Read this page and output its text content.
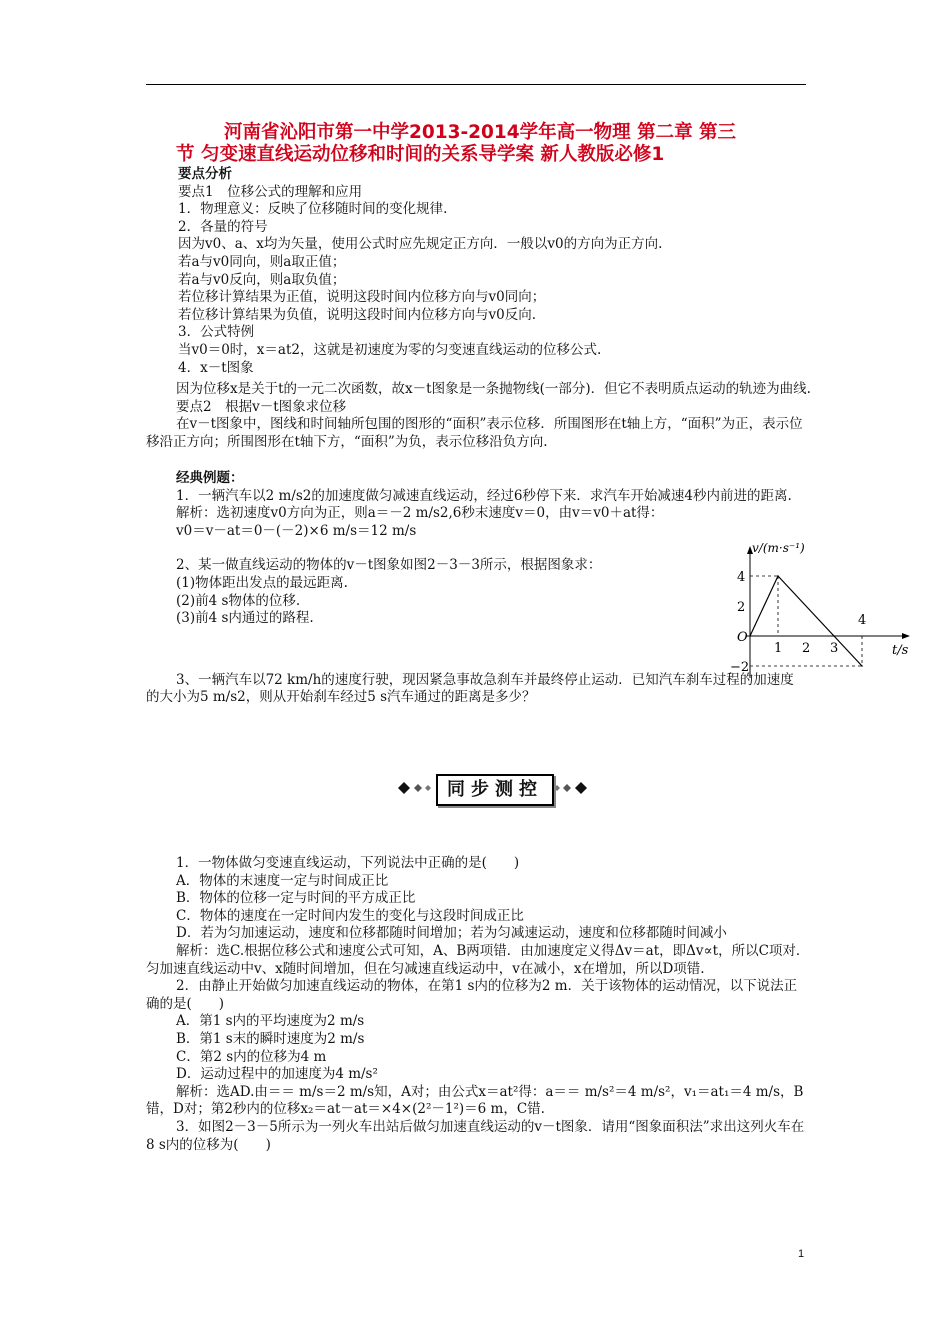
河南省沁阳市第一中学2013-2014学年高一物理 第二章 第三
节 匀变速直线运动位移和时间的关系导学案 新人教版必修1

要点分析

要点1　位移公式的理解和应用

1．物理意义：反映了位移随时间的变化规律.

2．各量的符号

因为v0、a、x均为矢量，使用公式时应先规定正方向．一般以v0的方向为正方向.

若a与v0同向，则a取正值；

若a与v0反向，则a取负值；

若位移计算结果为正值，说明这段时间内位移方向与v0同向；

若位移计算结果为负值，说明这段时间内位移方向与v0反向.

3．公式特例

当v0＝0时，x＝at2，这就是初速度为零的匀变速直线运动的位移公式.

4．x－t图象

因为位移x是关于t的一元二次函数，故x－t图象是一条抛物线(一部分)．但它不表明质点运动的轨迹为曲线.

要点2　根据v－t图象求位移

在v－t图象中，图线和时间轴所包围的图形的“面积”表示位移．所围图形在t轴上方，“面积”为正，表示位移沿正方向；所围图形在t轴下方，“面积”为负，表示位移沿负方向.

经典例题：

1．一辆汽车以2 m/s2的加速度做匀减速直线运动，经过6秒停下来．求汽车开始减速4秒内前进的距离.

解析：选初速度v0方向为正，则a＝－2 m/s2,6秒末速度v＝0，由v＝v0＋at得：

v0＝v－at＝0－(－2)×6 m/s＝12 m/s

2、某一做直线运动的物体的v－t图象如图2－3－3所示，根据图象求：

(1)物体距出发点的最远距离.

(2)前4 s物体的位移.

(3)前4 s内通过的路程.

3、一辆汽车以72 km/h的速度行驶，现因紧急事故急刹车并最终停止运动．已知汽车刹车过程的加速度的大小为5 m/s2，则从开始刹车经过5 s汽车通过的距离是多少？

v/(m·s⁻¹)
t/s
4
2
O
−2
1 2 3
4
同步测控

1．一物体做匀变速直线运动，下列说法中正确的是(　　)

A．物体的末速度一定与时间成正比

B．物体的位移一定与时间的平方成正比

C．物体的速度在一定时间内发生的变化与这段时间成正比

D．若为匀加速运动，速度和位移都随时间增加；若为匀减速运动，速度和位移都随时间减小

解析：选C.根据位移公式和速度公式可知，A、B两项错．由加速度定义得Δv＝at，即Δv∝t，所以C项对．匀加速直线运动中v、x随时间增加，但在匀减速直线运动中，v在减小，x在增加，所以D项错.

2．由静止开始做匀加速直线运动的物体，在第1 s内的位移为2 m．关于该物体的运动情况，以下说法正确的是(　　)

A．第1 s内的平均速度为2 m/s

B．第1 s末的瞬时速度为2 m/s

C．第2 s内的位移为4 m

D．运动过程中的加速度为4 m/s²

解析：选AD.由＝＝ m/s＝2 m/s知，A对；由公式x＝at²得：a＝＝ m/s²＝4 m/s²，v₁＝at₁＝4 m/s，B错，D对；第2秒内的位移x₂＝at－at＝×4×(2²－1²)＝6 m，C错.

3．如图2－3－5所示为一列火车出站后做匀加速直线运动的v－t图象．请用“图象面积法”求出这列火车在8 s内的位移为(　　)

1
